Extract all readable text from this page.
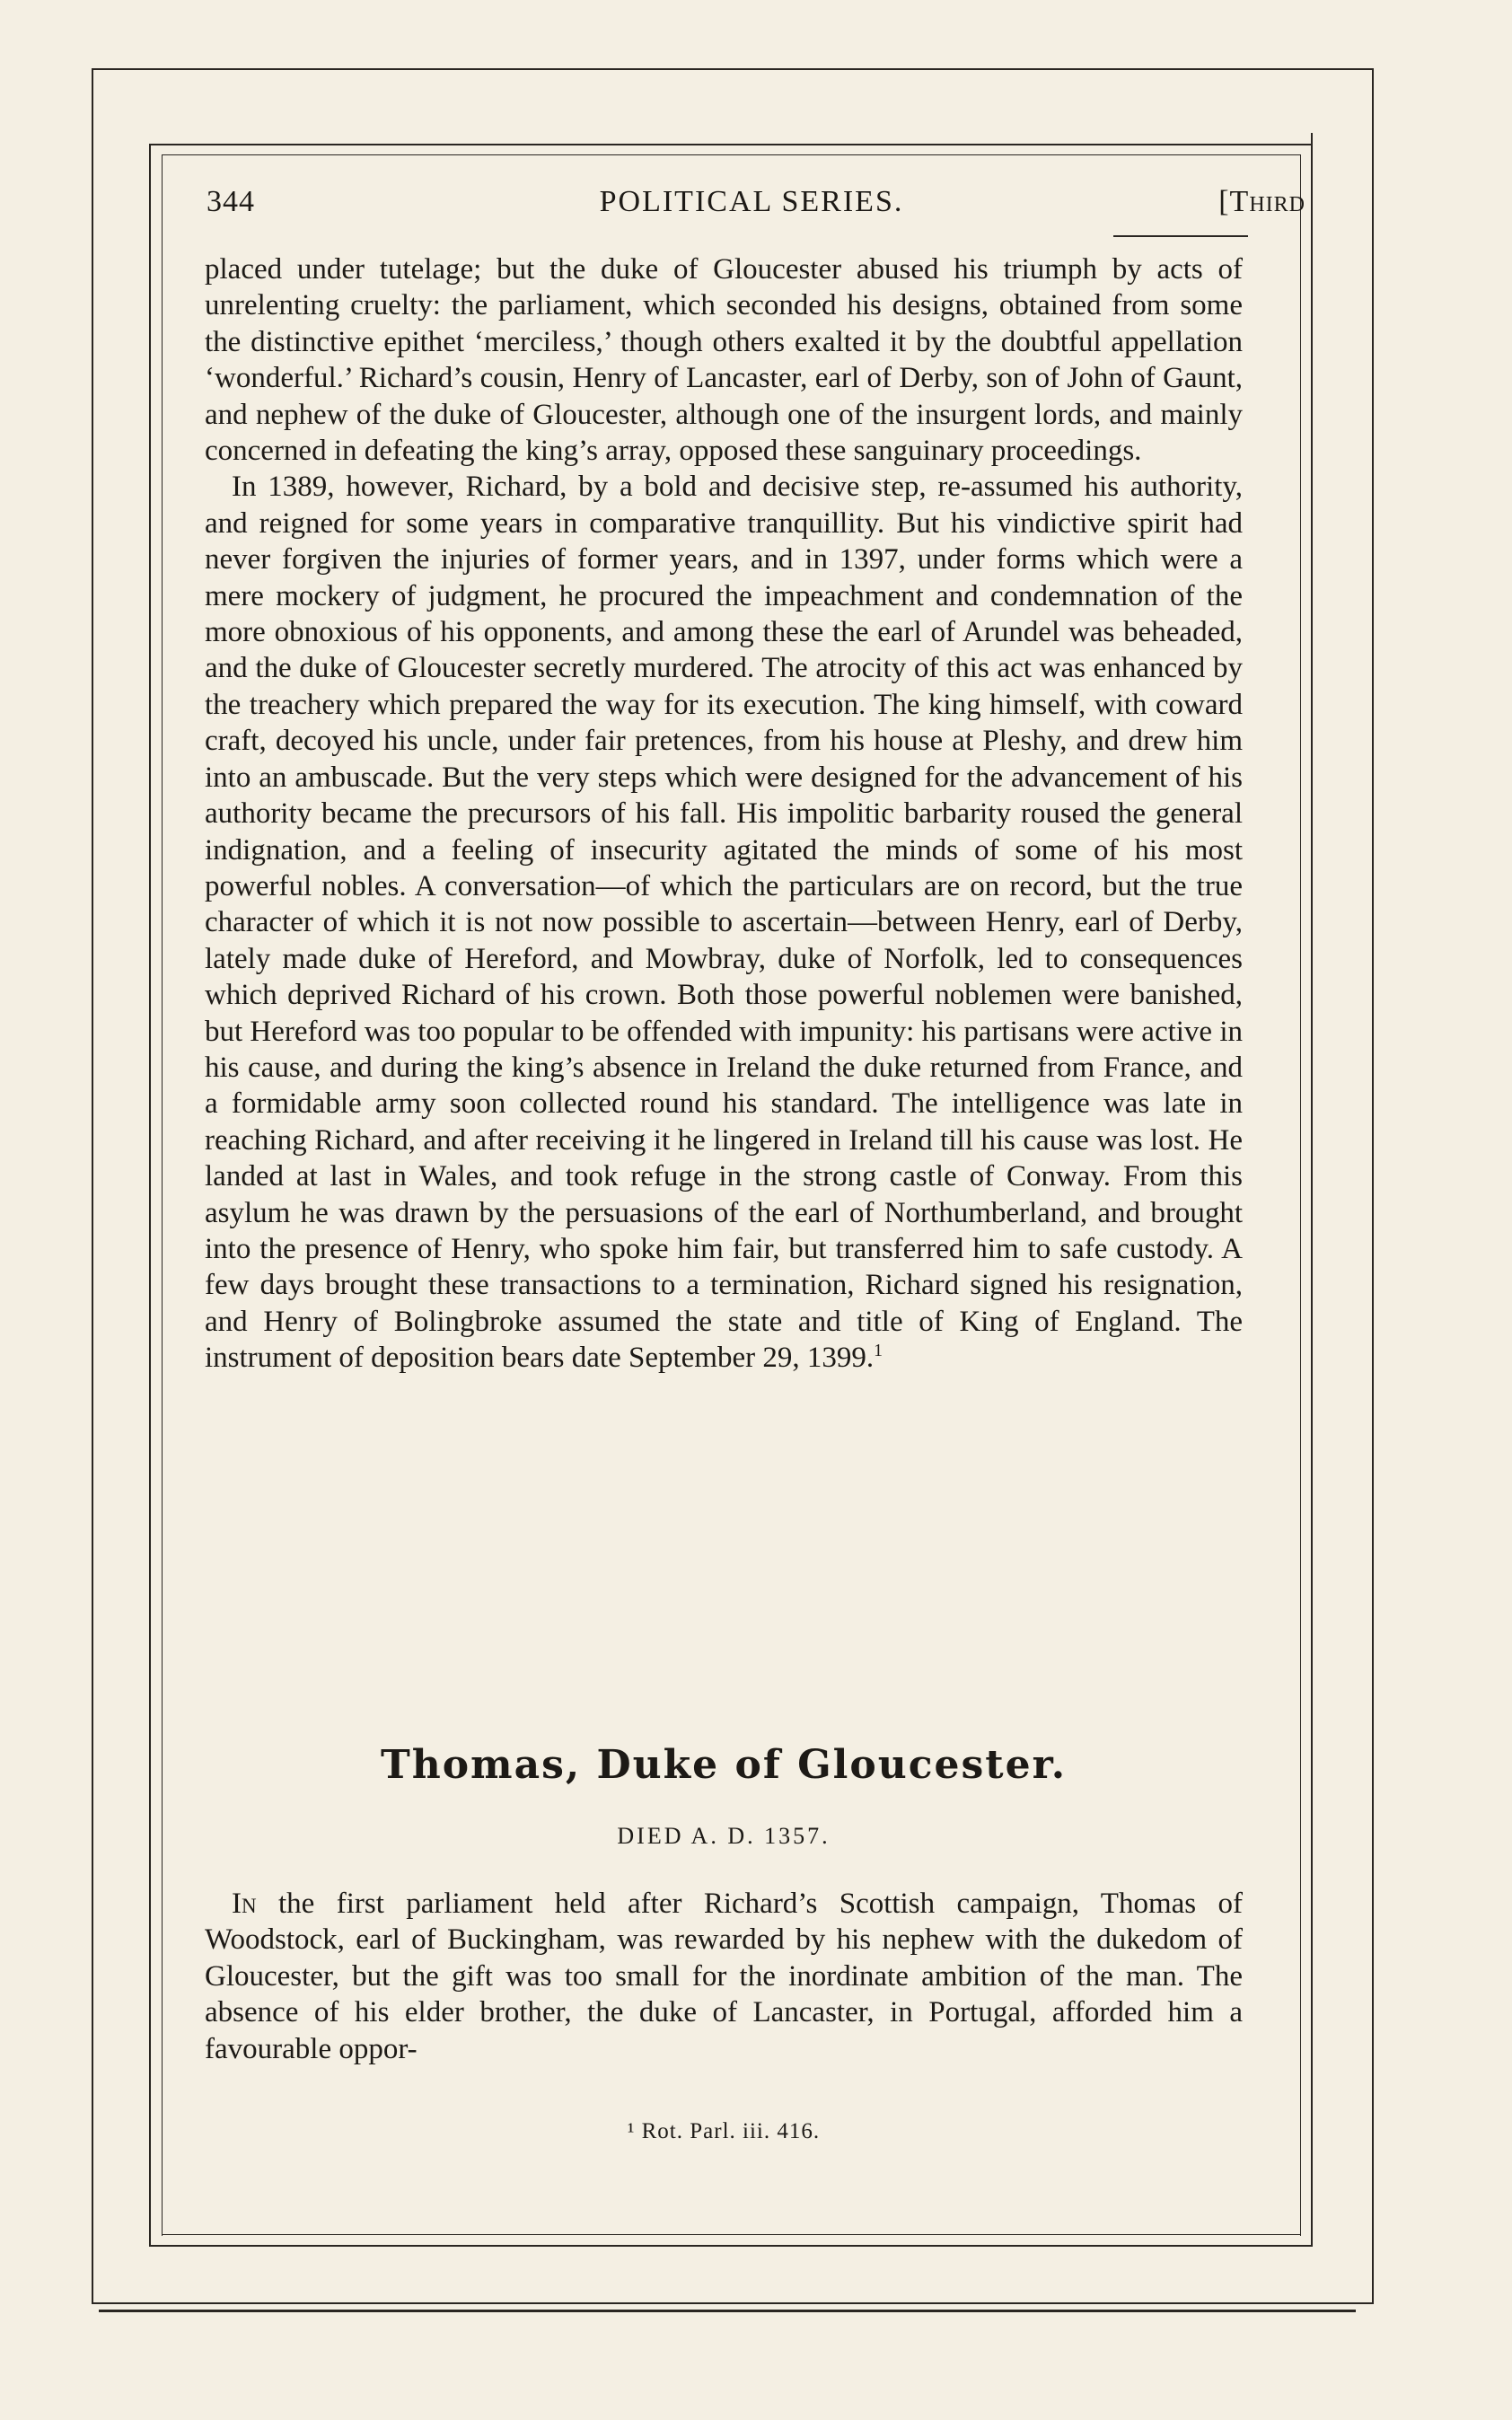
344	POLITICAL SERIES.	[Third

placed under tutelage; but the duke of Gloucester abused his triumph by acts of unrelenting cruelty: the parliament, which seconded his designs, obtained from some the distinctive epithet ‘merciless,’ though others exalted it by the doubtful appellation ‘wonderful.’ Richard’s cousin, Henry of Lancaster, earl of Derby, son of John of Gaunt, and nephew of the duke of Gloucester, although one of the insurgent lords, and mainly concerned in defeating the king’s array, opposed these sanguinary proceedings.

In 1389, however, Richard, by a bold and decisive step, re-assumed his authority, and reigned for some years in comparative tranquillity. But his vindictive spirit had never forgiven the injuries of former years, and in 1397, under forms which were a mere mockery of judgment, he procured the impeachment and condemnation of the more obnoxious of his opponents, and among these the earl of Arundel was beheaded, and the duke of Gloucester secretly murdered. The atrocity of this act was enhanced by the treachery which prepared the way for its execution. The king himself, with coward craft, decoyed his uncle, under fair pretences, from his house at Pleshy, and drew him into an ambuscade. But the very steps which were designed for the advancement of his authority became the precursors of his fall. His impolitic barbarity roused the general indignation, and a feeling of insecurity agitated the minds of some of his most powerful nobles. A conversation—of which the particulars are on record, but the true character of which it is not now possible to ascertain—between Henry, earl of Derby, lately made duke of Hereford, and Mowbray, duke of Norfolk, led to consequences which deprived Richard of his crown. Both those powerful noblemen were banished, but Hereford was too popular to be offended with impunity: his partisans were active in his cause, and during the king’s absence in Ireland the duke returned from France, and a formidable army soon collected round his standard. The intelligence was late in reaching Richard, and after receiving it he lingered in Ireland till his cause was lost. He landed at last in Wales, and took refuge in the strong castle of Conway. From this asylum he was drawn by the persuasions of the earl of Northumberland, and brought into the presence of Henry, who spoke him fair, but transferred him to safe custody. A few days brought these transactions to a termination, Richard signed his resignation, and Henry of Bolingbroke assumed the state and title of King of England. The instrument of deposition bears date September 29, 1399.$^1$

Thomas, Duke of Gloucester.
DIED A. D. 1357.

In the first parliament held after Richard’s Scottish campaign, Thomas of Woodstock, earl of Buckingham, was rewarded by his nephew with the dukedom of Gloucester, but the gift was too small for the inordinate ambition of the man. The absence of his elder brother, the duke of Lancaster, in Portugal, afforded him a favourable oppor-

¹ Rot. Parl. iii. 416.
